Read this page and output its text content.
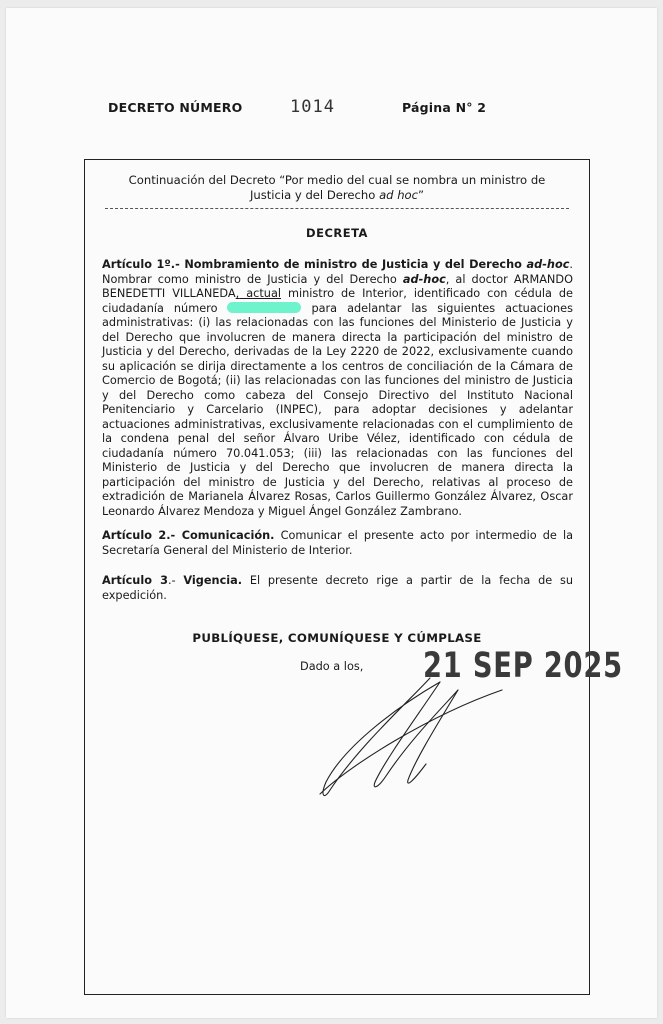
DECRETO NÚMERO	1014	Página N° 2
Continuación del Decreto “Por medio del cual se nombra un ministro de
Justicia y del Derecho ad hoc”
DECRETA
Artículo 1º.- Nombramiento de ministro de Justicia y del Derecho ad-hoc. Nombrar como ministro de Justicia y del Derecho ad-hoc, al doctor ARMANDO BENEDETTI VILLANEDA, actual ministro de Interior, identificado con cédula de ciudadanía número	para adelantar las siguientes actuaciones administrativas: (i) las relacionadas con las funciones del Ministerio de Justicia y del Derecho que involucren de manera directa la participación del ministro de Justicia y del Derecho, derivadas de la Ley 2220 de 2022, exclusivamente cuando su aplicación se dirija directamente a los centros de conciliación de la Cámara de Comercio de Bogotá; (ii) las relacionadas con las funciones del ministro de Justicia y del Derecho como cabeza del Consejo Directivo del Instituto Nacional Penitenciario y Carcelario (INPEC), para adoptar decisiones y adelantar actuaciones administrativas, exclusivamente relacionadas con el cumplimiento de la condena penal del señor Álvaro Uribe Vélez, identificado con cédula de ciudadanía número 70.041.053; (iii) las relacionadas con las funciones del Ministerio de Justicia y del Derecho que involucren de manera directa la participación del ministro de Justicia y del Derecho, relativas al proceso de extradición de Marianela Álvarez Rosas, Carlos Guillermo González Álvarez, Oscar Leonardo Álvarez Mendoza y Miguel Ángel González Zambrano.
Artículo 2.- Comunicación. Comunicar el presente acto por intermedio de la Secretaría General del Ministerio de Interior.
Artículo 3.- Vigencia. El presente decreto rige a partir de la fecha de su expedición.
PUBLÍQUESE, COMUNÍQUESE Y CÚMPLASE
Dado a los, 21 SEP 2025
